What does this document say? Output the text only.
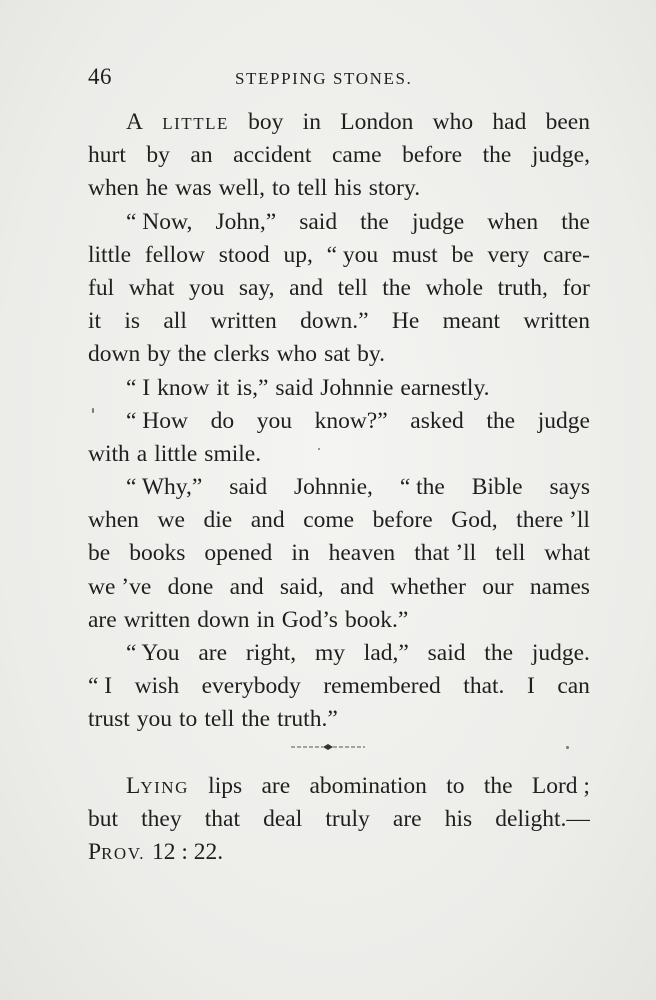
46	STEPPING STONES.
A LITTLE boy in London who had been
hurt by an accident came before the judge,
when he was well, to tell his story.
“ Now, John,” said the judge when the
little fellow stood up, “ you must be very care-
ful what you say, and tell the whole truth, for
it is all written down.” He meant written
down by the clerks who sat by.
“ I know it is,” said Johnnie earnestly.
“ How do you know?” asked the judge
with a little smile.
“ Why,” said Johnnie, “ the Bible says
when we die and come before God, there ’ll
be books opened in heaven that ’ll tell what
we ’ve done and said, and whether our names
are written down in God’s book.”
“ You are right, my lad,” said the judge.
“ I wish everybody remembered that. I can
trust you to tell the truth.”
LYING lips are abomination to the Lord ;
but they that deal truly are his delight.—
PROV. 12 : 22.
